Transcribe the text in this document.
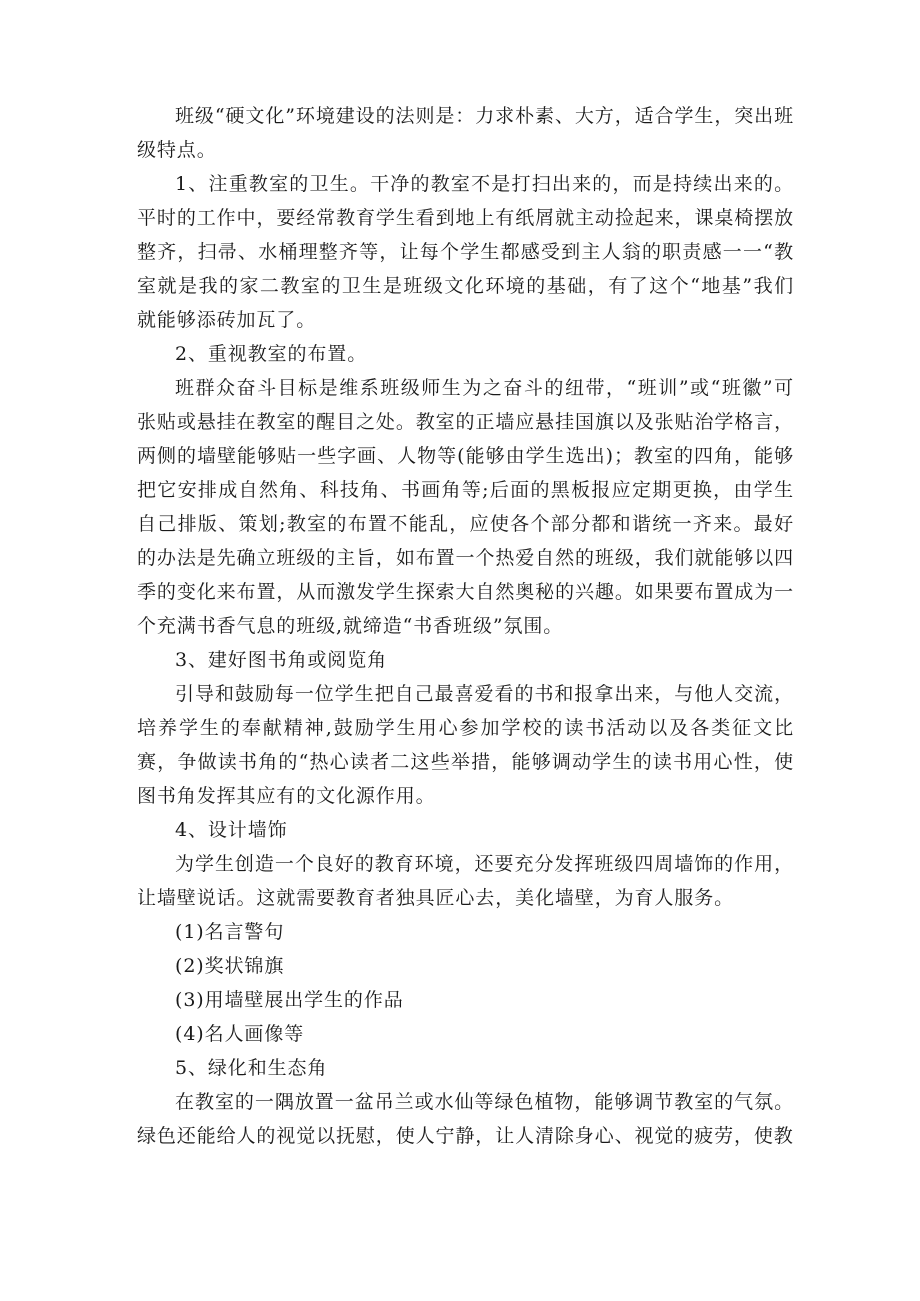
班级“硬文化”环境建设的法则是：力求朴素、大方，适合学生，突出班级特点。

1、注重教室的卫生。干净的教室不是打扫出来的，而是持续出来的。平时的工作中，要经常教育学生看到地上有纸屑就主动捡起来，课桌椅摆放整齐，扫帚、水桶理整齐等，让每个学生都感受到主人翁的职责感一一“教室就是我的家二教室的卫生是班级文化环境的基础，有了这个“地基”我们就能够添砖加瓦了。

2、重视教室的布置。

班群众奋斗目标是维系班级师生为之奋斗的纽带，“班训”或“班徽”可张贴或悬挂在教室的醒目之处。教室的正墙应悬挂国旗以及张贴治学格言，两侧的墙壁能够贴一些字画、人物等(能够由学生选出)；教室的四角，能够把它安排成自然角、科技角、书画角等;后面的黑板报应定期更换，由学生自己排版、策划;教室的布置不能乱，应使各个部分都和谐统一齐来。最好的办法是先确立班级的主旨，如布置一个热爱自然的班级，我们就能够以四季的变化来布置，从而激发学生探索大自然奥秘的兴趣。如果要布置成为一个充满书香气息的班级,就缔造“书香班级”氛围。

3、建好图书角或阅览角

引导和鼓励每一位学生把自己最喜爱看的书和报拿出来，与他人交流，培养学生的奉献精神,鼓励学生用心参加学校的读书活动以及各类征文比赛，争做读书角的“热心读者二这些举措，能够调动学生的读书用心性，使图书角发挥其应有的文化源作用。

4、设计墙饰

为学生创造一个良好的教育环境，还要充分发挥班级四周墙饰的作用，让墙壁说话。这就需要教育者独具匠心去，美化墙壁，为育人服务。

(1)名言警句

(2)奖状锦旗

(3)用墙壁展出学生的作品

(4)名人画像等

5、绿化和生态角

在教室的一隅放置一盆吊兰或水仙等绿色植物，能够调节教室的气氛。绿色还能给人的视觉以抚慰，使人宁静，让人清除身心、视觉的疲劳，使教
